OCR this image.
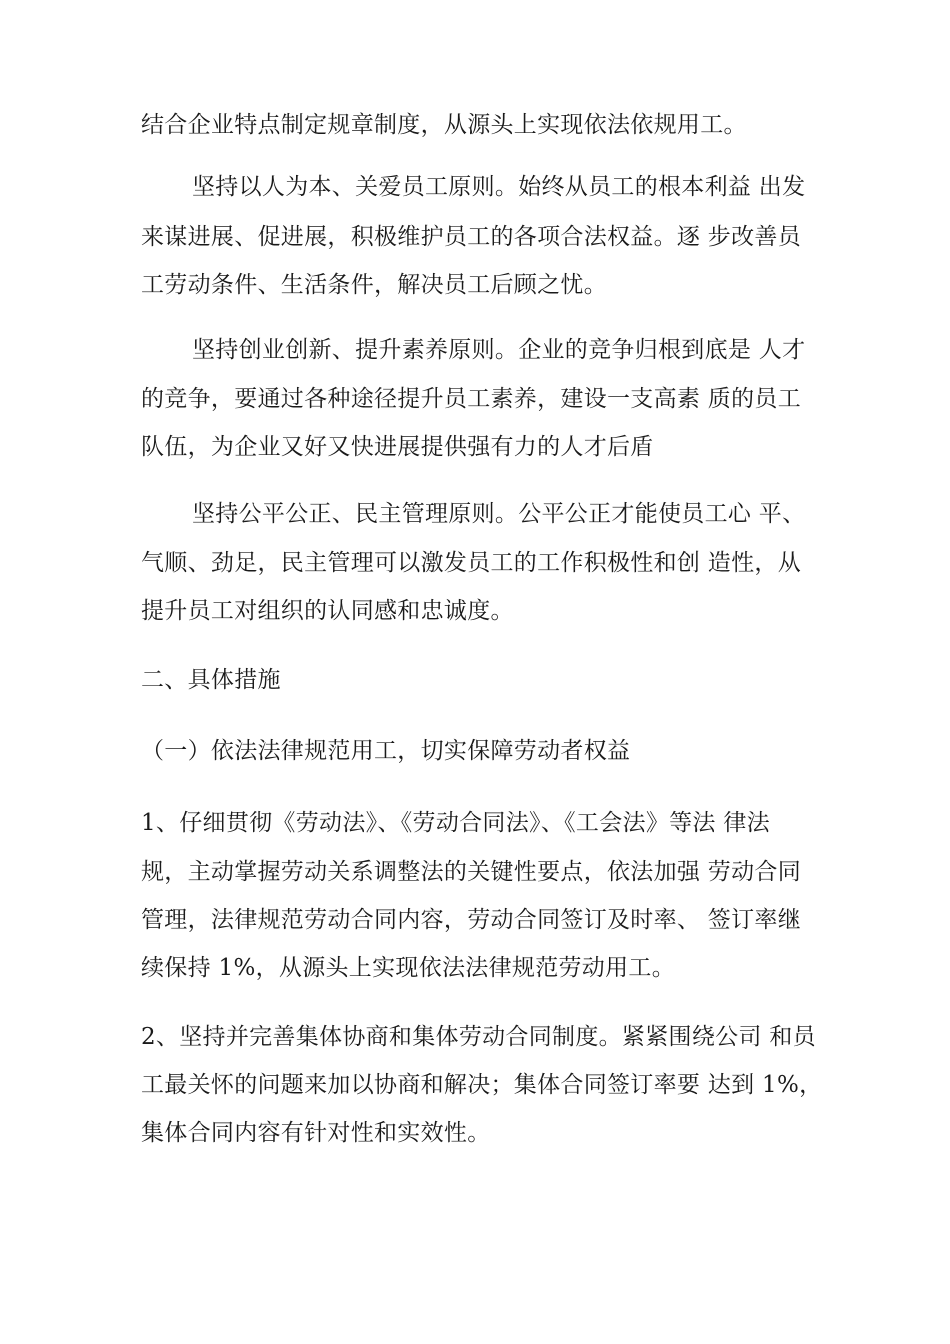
结合企业特点制定规章制度，从源头上实现依法依规用工。
坚持以人为本、关爱员工原则。始终从员工的根本利益 出发
来谋进展、促进展，积极维护员工的各项合法权益。逐 步改善员
工劳动条件、生活条件，解决员工后顾之忧。
坚持创业创新、提升素养原则。企业的竞争归根到底是 人才
的竞争，要通过各种途径提升员工素养，建设一支高素 质的员工
队伍，为企业又好又快进展提供强有力的人才后盾
坚持公平公正、民主管理原则。公平公正才能使员工心 平、
气顺、劲足，民主管理可以激发员工的工作积极性和创 造性，从
提升员工对组织的认同感和忠诚度。
二、具体措施
（一）依法法律规范用工，切实保障劳动者权益
1、仔细贯彻《劳动法》、《劳动合同法》、《工会法》等法 律法
规，主动掌握劳动关系调整法的关键性要点，依法加强 劳动合同
管理，法律规范劳动合同内容，劳动合同签订及时率、 签订率继
续保持 1%，从源头上实现依法法律规范劳动用工。
2、坚持并完善集体协商和集体劳动合同制度。紧紧围绕公司 和员
工最关怀的问题来加以协商和解决；集体合同签订率要 达到 1%，
集体合同内容有针对性和实效性。
